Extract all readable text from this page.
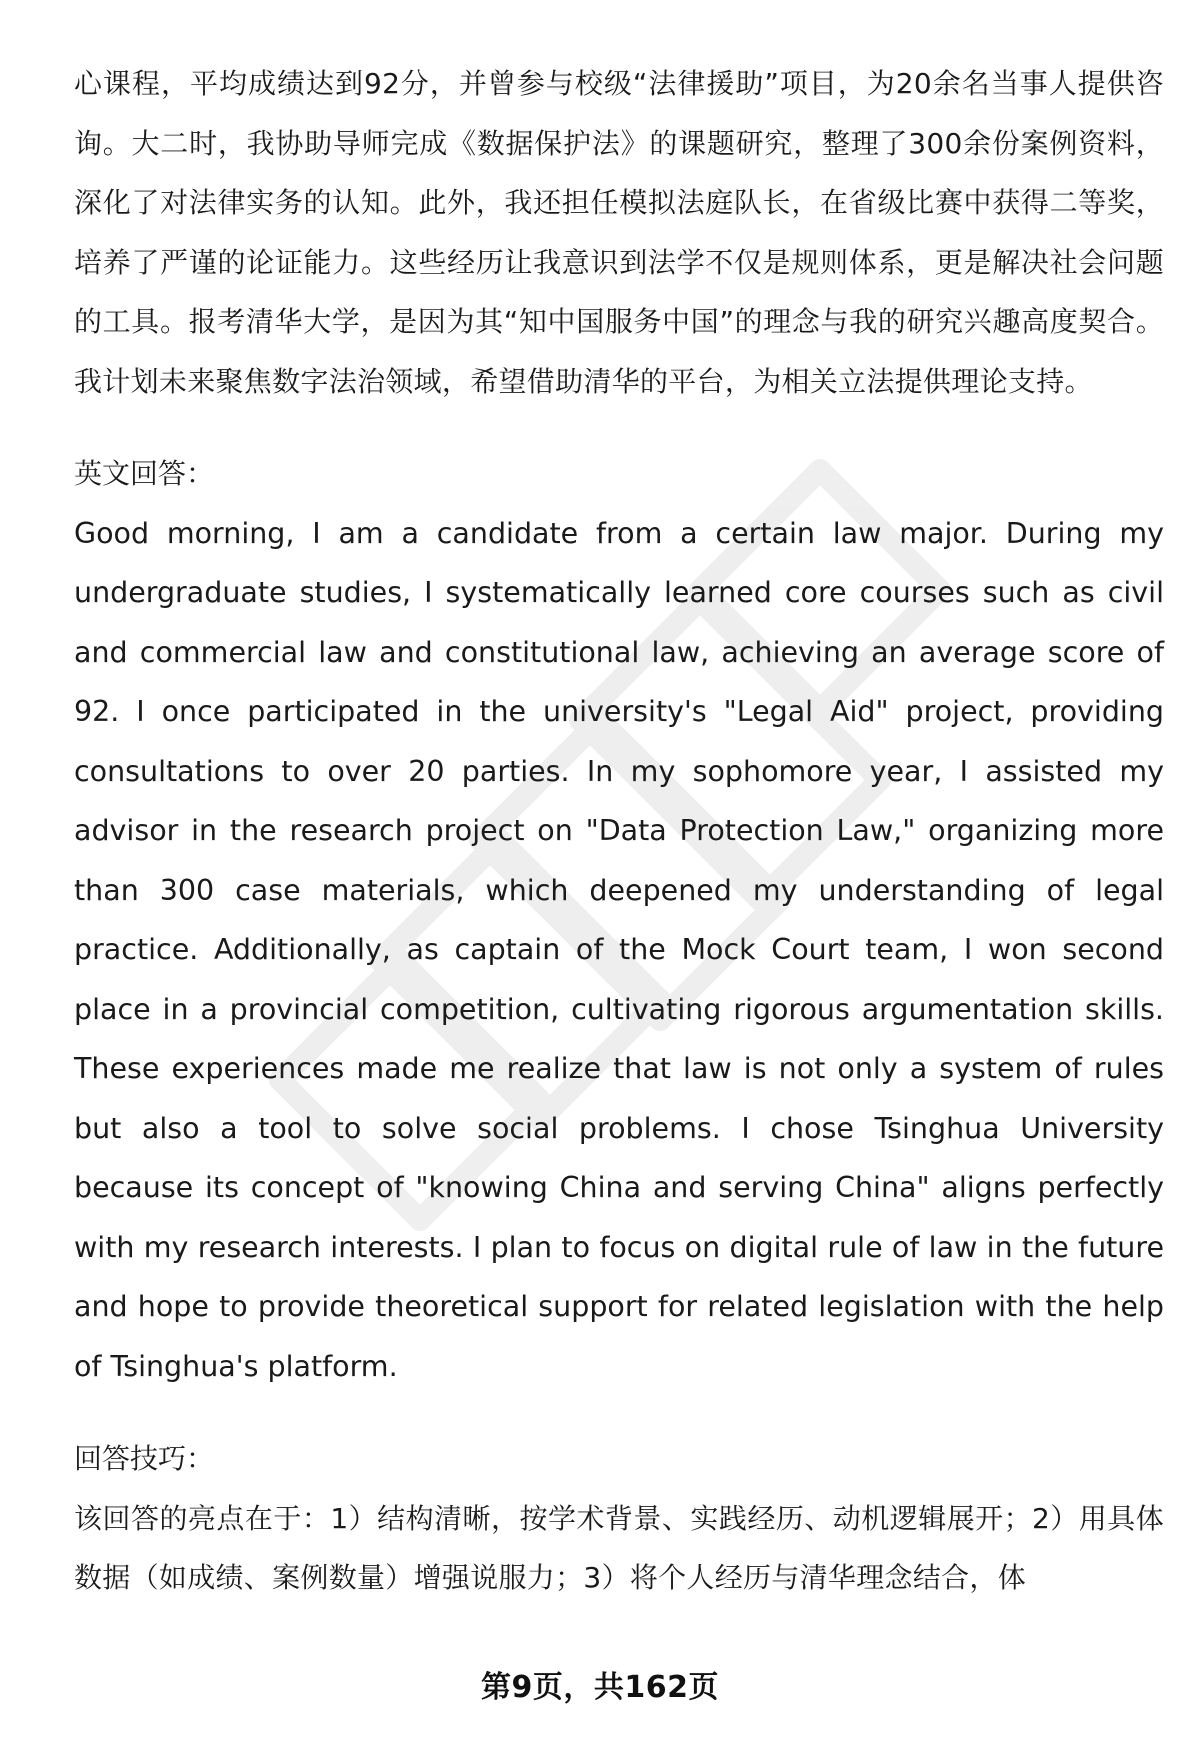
心课程，平均成绩达到92分，并曾参与校级“法律援助”项目，为20余名当事人提供咨询。大二时，我协助导师完成《数据保护法》的课题研究，整理了300余份案例资料，深化了对法律实务的认知。此外，我还担任模拟法庭队长，在省级比赛中获得二等奖，培养了严谨的论证能力。这些经历让我意识到法学不仅是规则体系，更是解决社会问题的工具。报考清华大学，是因为其“知中国服务中国”的理念与我的研究兴趣高度契合。我计划未来聚焦数字法治领域，希望借助清华的平台，为相关立法提供理论支持。

英文回答：

Good morning, I am a candidate from a certain law major. During my undergraduate studies, I systematically learned core courses such as civil and commercial law and constitutional law, achieving an average score of 92. I once participated in the university's "Legal Aid" project, providing consultations to over 20 parties. In my sophomore year, I assisted my advisor in the research project on "Data Protection Law," organizing more than 300 case materials, which deepened my understanding of legal practice. Additionally, as captain of the Mock Court team, I won second place in a provincial competition, cultivating rigorous argumentation skills. These experiences made me realize that law is not only a system of rules but also a tool to solve social problems. I chose Tsinghua University because its concept of "knowing China and serving China" aligns perfectly with my research interests. I plan to focus on digital rule of law in the future and hope to provide theoretical support for related legislation with the help of Tsinghua's platform.

回答技巧：

该回答的亮点在于：1）结构清晰，按学术背景、实践经历、动机逻辑展开；2）用具体数据（如成绩、案例数量）增强说服力；3）将个人经历与清华理念结合，体

第9页，共162页
